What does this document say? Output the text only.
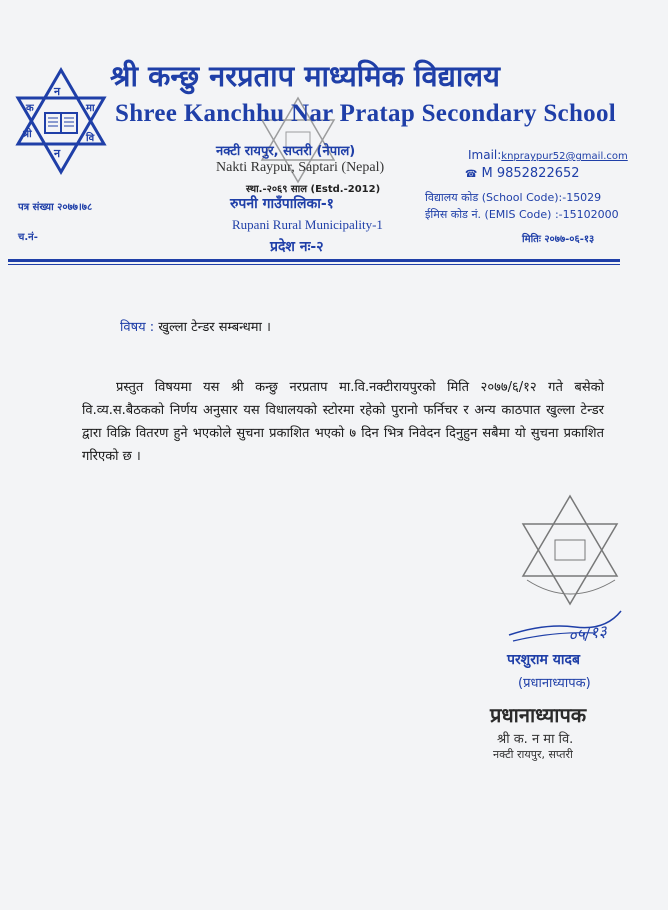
न
मा
वि
न
श्री
क
श्री कन्छु नरप्रताप माध्यमिक विद्यालय
Shree Kanchhu Nar Pratap Secondary School
नक्टी रायपुर, सप्तरी (नेपाल)
Nakti Raypur, Saptari (Nepal)
स्था.-२०६९ साल (Estd.-2012)
रुपनी गाउँपालिका-१
Rupani Rural Municipality-1
प्रदेश नः-२
Imail:knpraypur52@gmail.com
☎ M 9852822652
विद्यालय कोड (School Code):-15029
ईमिस कोड नं. (EMIS Code) :-15102000
मितिः २०७७-०६-१३
पत्र संख्या २०७७।७८
च.नं-
विषय : खुल्ला टेन्डर सम्बन्धमा ।
प्रस्तुत विषयमा यस श्री कन्छु नरप्रताप मा.वि.नक्टीरायपुरको मिति २०७७/६/१२ गते बसेको वि.व्य.स.बैठकको निर्णय अनुसार यस विधालयको स्टोरमा रहेको पुरानो फर्निचर र अन्य काठपात खुल्ला टेन्डर द्वारा विक्रि वितरण हुने भएकोले सुचना प्रकाशित भएको ७ दिन भित्र निवेदन दिनुहुन सबैमा यो सुचना प्रकाशित गरिएको छ ।
०५/१३
परशुराम यादब
(प्रधानाध्यापक)
प्रधानाध्यापक
श्री क. न मा वि.
नक्टी रायपुर, सप्तरी
